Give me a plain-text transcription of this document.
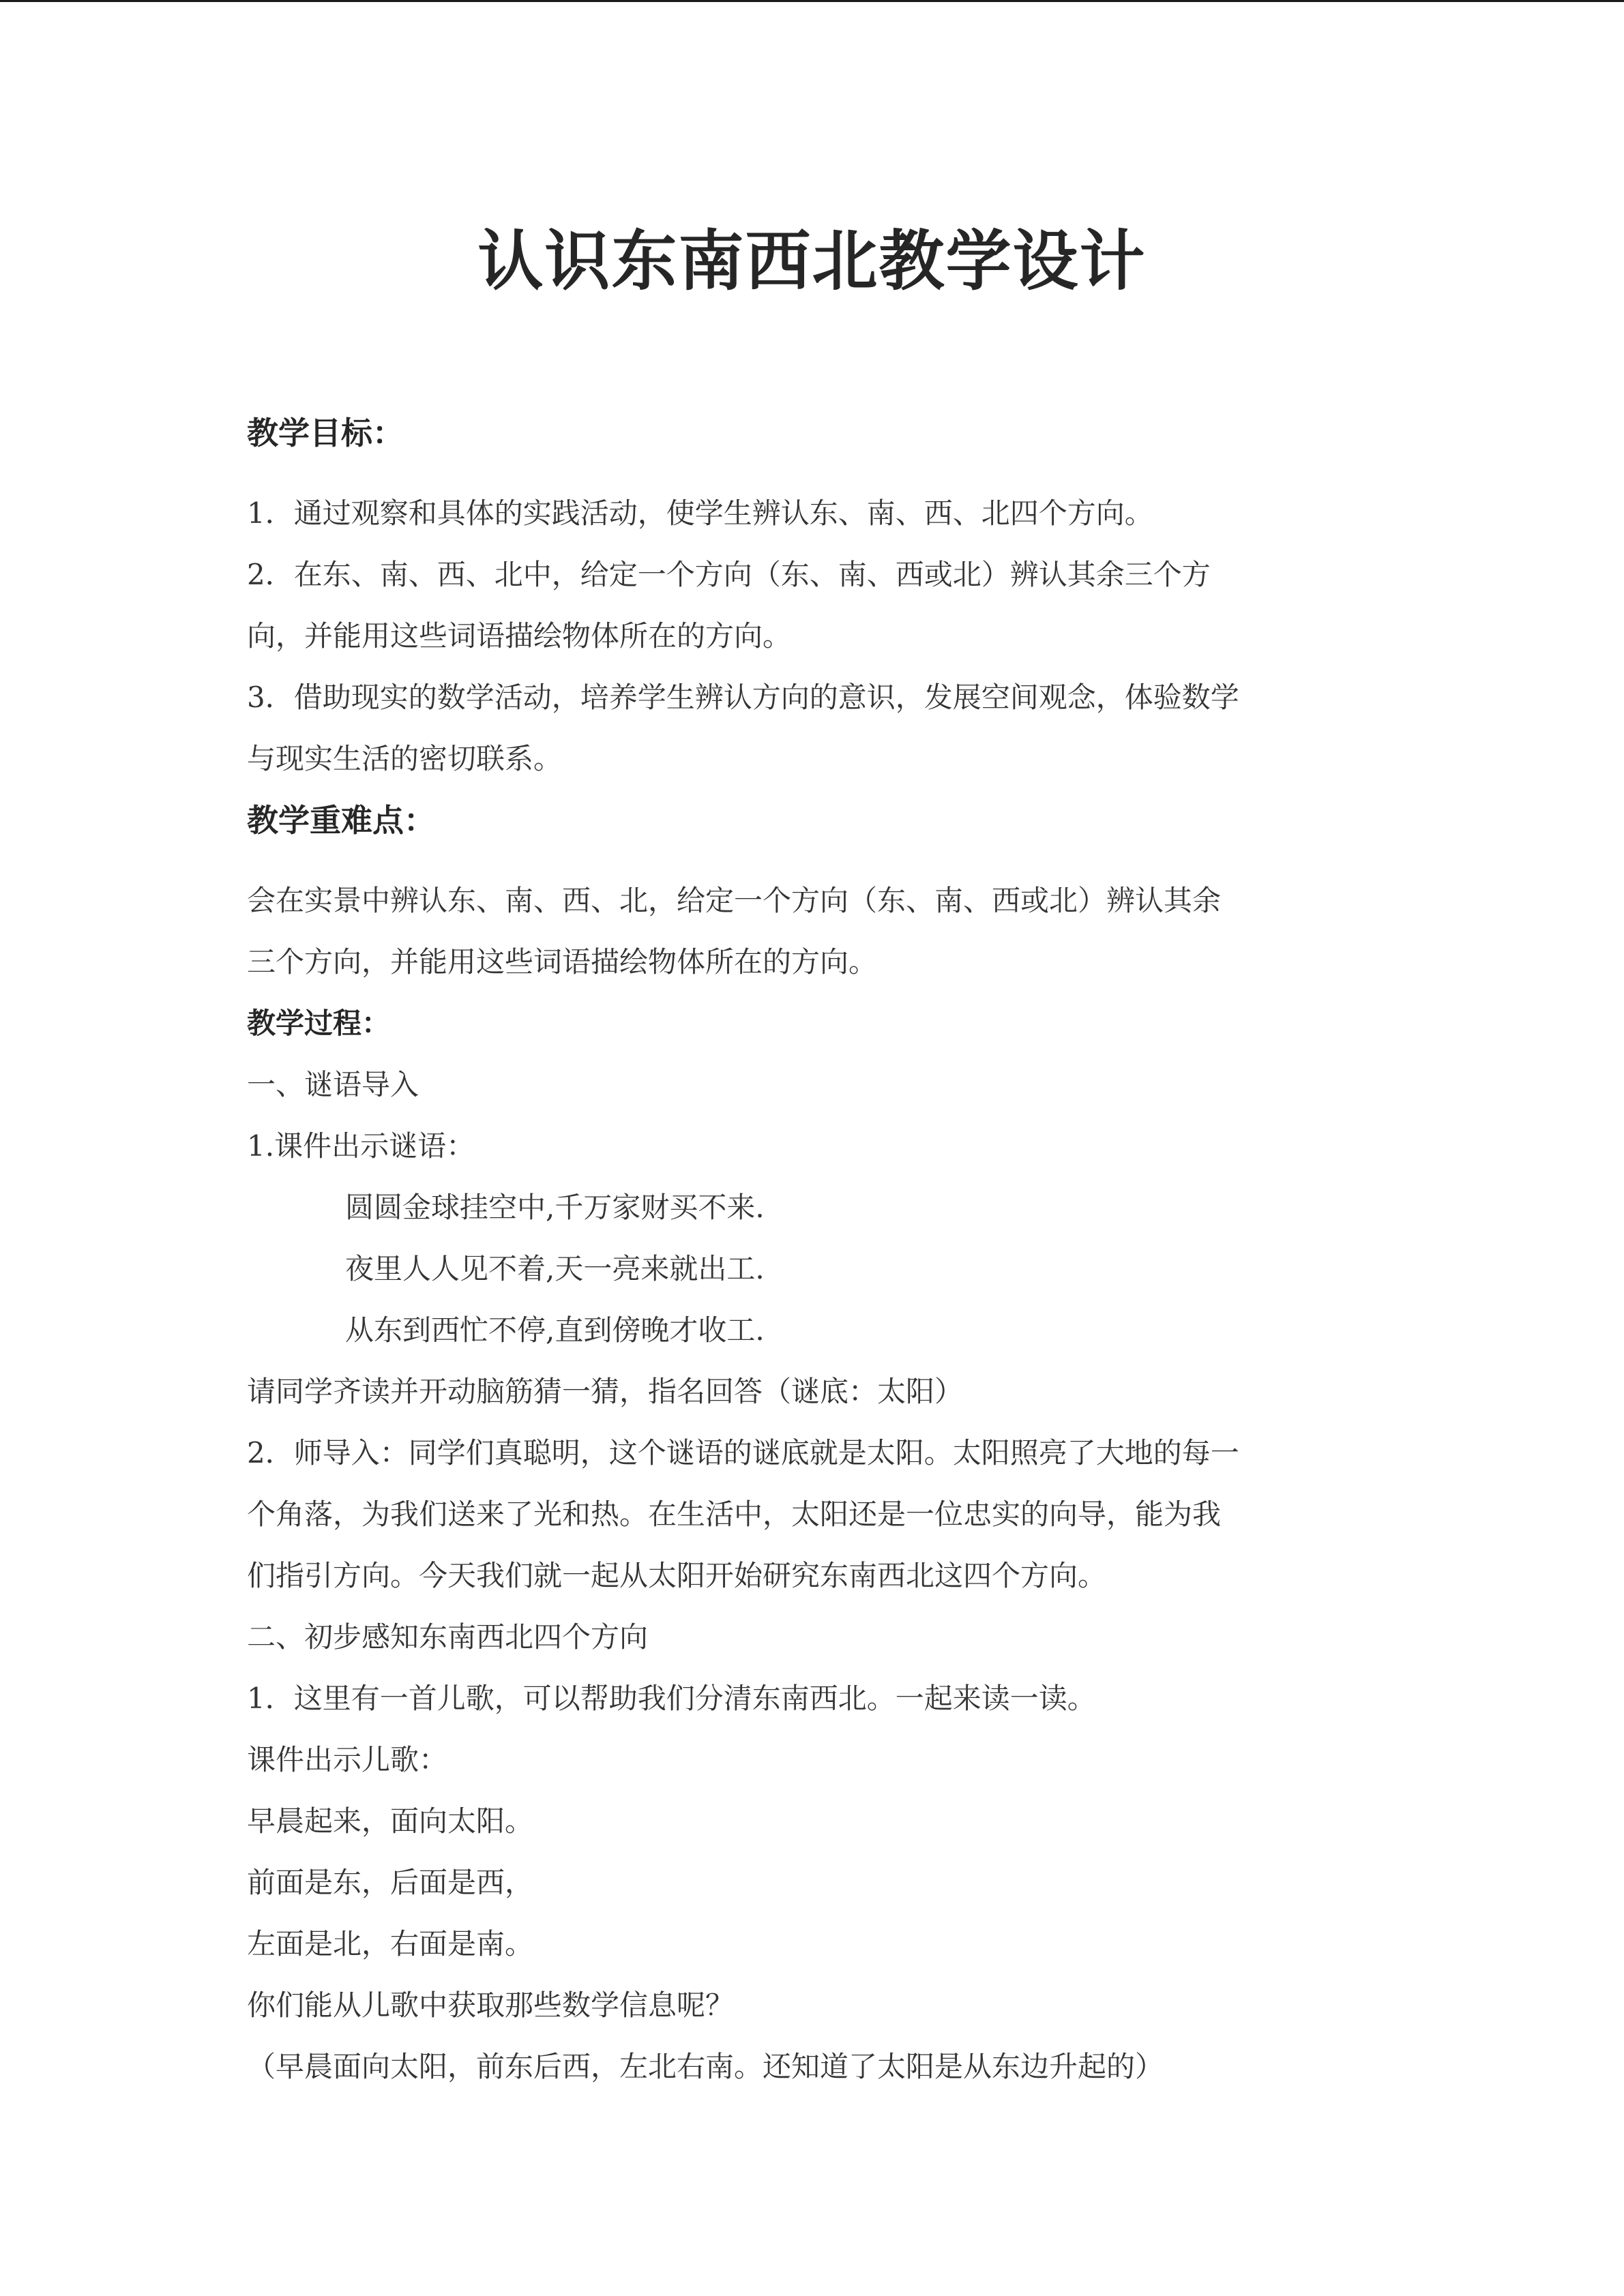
认识东南西北教学设计
教学目标：
1．通过观察和具体的实践活动，使学生辨认东、南、西、北四个方向。
2．在东、南、西、北中，给定一个方向（东、南、西或北）辨认其余三个方
向，并能用这些词语描绘物体所在的方向。
3．借助现实的数学活动，培养学生辨认方向的意识，发展空间观念，体验数学
与现实生活的密切联系。
教学重难点：
会在实景中辨认东、南、西、北，给定一个方向（东、南、西或北）辨认其余
三个方向，并能用这些词语描绘物体所在的方向。
教学过程：
一、谜语导入
1.课件出示谜语：
圆圆金球挂空中,千万家财买不来.
夜里人人见不着,天一亮来就出工.
从东到西忙不停,直到傍晚才收工.
请同学齐读并开动脑筋猜一猜，指名回答（谜底：太阳）
2．师导入：同学们真聪明，这个谜语的谜底就是太阳。太阳照亮了大地的每一
个角落，为我们送来了光和热。在生活中，太阳还是一位忠实的向导，能为我
们指引方向。今天我们就一起从太阳开始研究东南西北这四个方向。
二、初步感知东南西北四个方向
1．这里有一首儿歌，可以帮助我们分清东南西北。一起来读一读。
课件出示儿歌：
早晨起来，面向太阳。
前面是东，后面是西，
左面是北，右面是南。
你们能从儿歌中获取那些数学信息呢？
（早晨面向太阳，前东后西，左北右南。还知道了太阳是从东边升起的）
